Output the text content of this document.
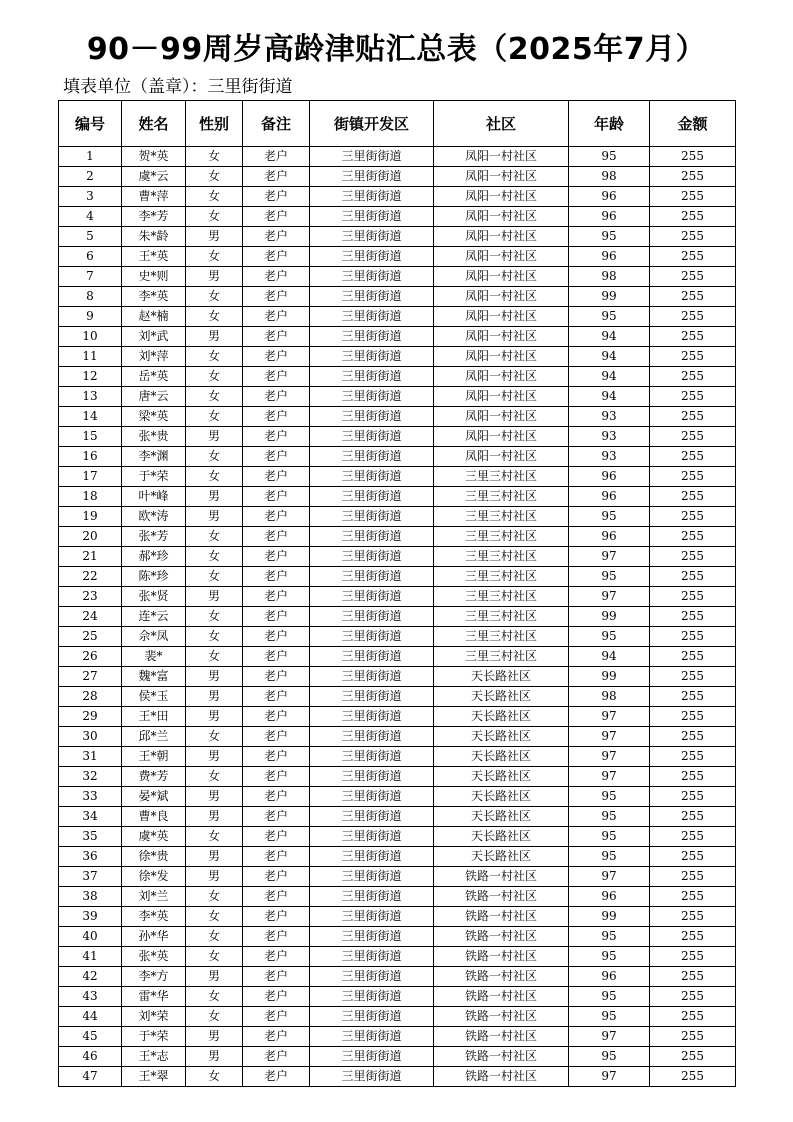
90－99周岁高龄津贴汇总表（2025年7月）
填表单位（盖章）：三里街街道
编号	姓名	性别	备注	街镇开发区	社区	年龄	金额
1	贺*英	女	老户	三里街街道	凤阳一村社区	95	255
2	虞*云	女	老户	三里街街道	凤阳一村社区	98	255
3	曹*萍	女	老户	三里街街道	凤阳一村社区	96	255
4	李*芳	女	老户	三里街街道	凤阳一村社区	96	255
5	朱*龄	男	老户	三里街街道	凤阳一村社区	95	255
6	王*英	女	老户	三里街街道	凤阳一村社区	96	255
7	史*则	男	老户	三里街街道	凤阳一村社区	98	255
8	李*英	女	老户	三里街街道	凤阳一村社区	99	255
9	赵*楠	女	老户	三里街街道	凤阳一村社区	95	255
10	刘*武	男	老户	三里街街道	凤阳一村社区	94	255
11	刘*萍	女	老户	三里街街道	凤阳一村社区	94	255
12	岳*英	女	老户	三里街街道	凤阳一村社区	94	255
13	唐*云	女	老户	三里街街道	凤阳一村社区	94	255
14	梁*英	女	老户	三里街街道	凤阳一村社区	93	255
15	张*贵	男	老户	三里街街道	凤阳一村社区	93	255
16	李*渊	女	老户	三里街街道	凤阳一村社区	93	255
17	于*荣	女	老户	三里街街道	三里三村社区	96	255
18	叶*峰	男	老户	三里街街道	三里三村社区	96	255
19	欧*涛	男	老户	三里街街道	三里三村社区	95	255
20	张*芳	女	老户	三里街街道	三里三村社区	96	255
21	郝*珍	女	老户	三里街街道	三里三村社区	97	255
22	陈*珍	女	老户	三里街街道	三里三村社区	95	255
23	张*贤	男	老户	三里街街道	三里三村社区	97	255
24	连*云	女	老户	三里街街道	三里三村社区	99	255
25	佘*凤	女	老户	三里街街道	三里三村社区	95	255
26	裴*	女	老户	三里街街道	三里三村社区	94	255
27	魏*富	男	老户	三里街街道	天长路社区	99	255
28	侯*玉	男	老户	三里街街道	天长路社区	98	255
29	王*田	男	老户	三里街街道	天长路社区	97	255
30	邱*兰	女	老户	三里街街道	天长路社区	97	255
31	王*朝	男	老户	三里街街道	天长路社区	97	255
32	费*芳	女	老户	三里街街道	天长路社区	97	255
33	晏*斌	男	老户	三里街街道	天长路社区	95	255
34	曹*良	男	老户	三里街街道	天长路社区	95	255
35	虞*英	女	老户	三里街街道	天长路社区	95	255
36	徐*贵	男	老户	三里街街道	天长路社区	95	255
37	徐*发	男	老户	三里街街道	铁路一村社区	97	255
38	刘*兰	女	老户	三里街街道	铁路一村社区	96	255
39	李*英	女	老户	三里街街道	铁路一村社区	99	255
40	孙*华	女	老户	三里街街道	铁路一村社区	95	255
41	张*英	女	老户	三里街街道	铁路一村社区	95	255
42	李*方	男	老户	三里街街道	铁路一村社区	96	255
43	雷*华	女	老户	三里街街道	铁路一村社区	95	255
44	刘*荣	女	老户	三里街街道	铁路一村社区	95	255
45	于*荣	男	老户	三里街街道	铁路一村社区	97	255
46	王*志	男	老户	三里街街道	铁路一村社区	95	255
47	王*翠	女	老户	三里街街道	铁路一村社区	97	255
